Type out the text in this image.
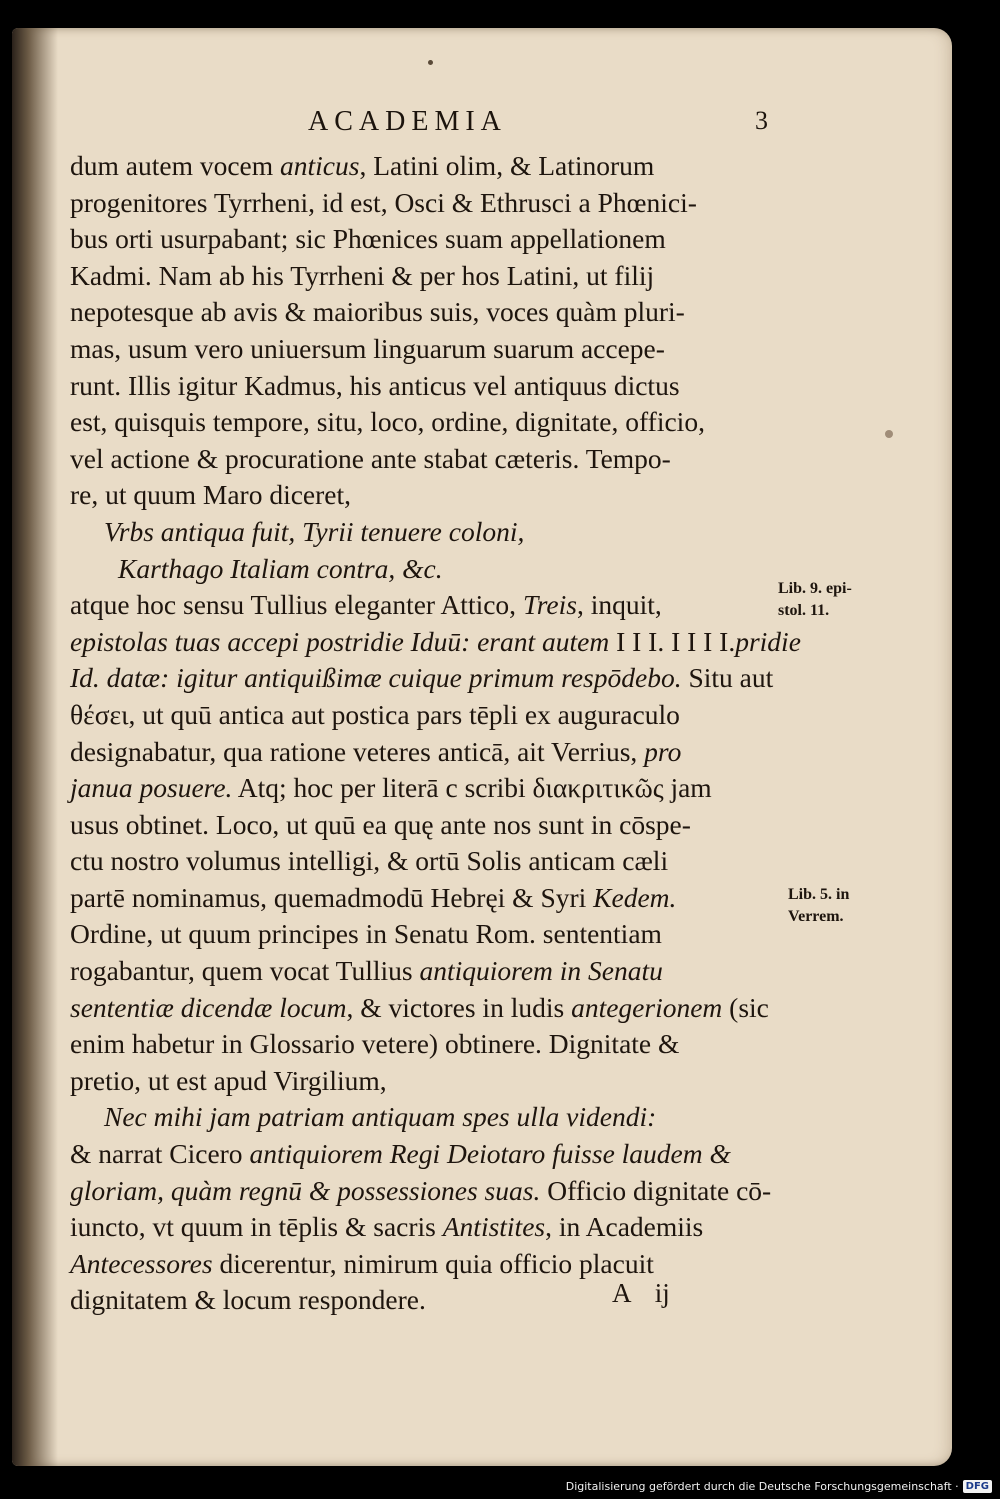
ACADEMIA	3
dum autem vocem anticus, Latini olim, & Latinorum
progenitores Tyrrheni, id est, Osci & Ethrusci a Phœnici-
bus orti usurpabant; sic Phœnices suam appellationem
Kadmi. Nam ab his Tyrrheni & per hos Latini, ut filij
nepotesque ab avis & maioribus suis, voces quàm pluri-
mas, usum vero uniuersum linguarum suarum accepe-
runt. Illis igitur Kadmus, his anticus vel antiquus dictus
est, quisquis tempore, situ, loco, ordine, dignitate, officio,
vel actione & procuratione ante stabat cæteris. Tempo-
re, ut quum Maro diceret,
Vrbs antiqua fuit, Tyrii tenuere coloni,
Karthago Italiam contra, &c.
atque hoc sensu Tullius eleganter Attico, Treis, inquit,
epistolas tuas accepi postridie Iduū: erant autem I I I. I I I I.pridie
Id. datæ: igitur antiquißimæ cuique primum respōdebo. Situ aut
θέσει, ut quū antica aut postica pars tēpli ex auguraculo
designabatur, qua ratione veteres anticā, ait Verrius, pro
janua posuere. Atq; hoc per literā c scribi διακριτικῶς jam
usus obtinet. Loco, ut quū ea quę ante nos sunt in cōspe-
ctu nostro volumus intelligi, & ortū Solis anticam cæli
partē nominamus, quemadmodū Hebręi & Syri Kedem.
Ordine, ut quum principes in Senatu Rom. sententiam
rogabantur, quem vocat Tullius antiquiorem in Senatu
sententiæ dicendæ locum, & victores in ludis antegerionem (sic
enim habetur in Glossario vetere) obtinere. Dignitate &
pretio, ut est apud Virgilium,
Nec mihi jam patriam antiquam spes ulla videndi:
& narrat Cicero antiquiorem Regi Deiotaro fuisse laudem &
gloriam, quàm regnū & possessiones suas. Officio dignitate cō-
iuncto, vt quum in tēplis & sacris Antistites, in Academiis
Antecessores dicerentur, nimirum quia officio placuit
dignitatem & locum respondere.
Lib. 9. epi-
stol. 11.
Lib. 5. in
Verrem.
A ij
Digitalisierung gefördert durch die Deutsche Forschungsgemeinschaft · DFG
